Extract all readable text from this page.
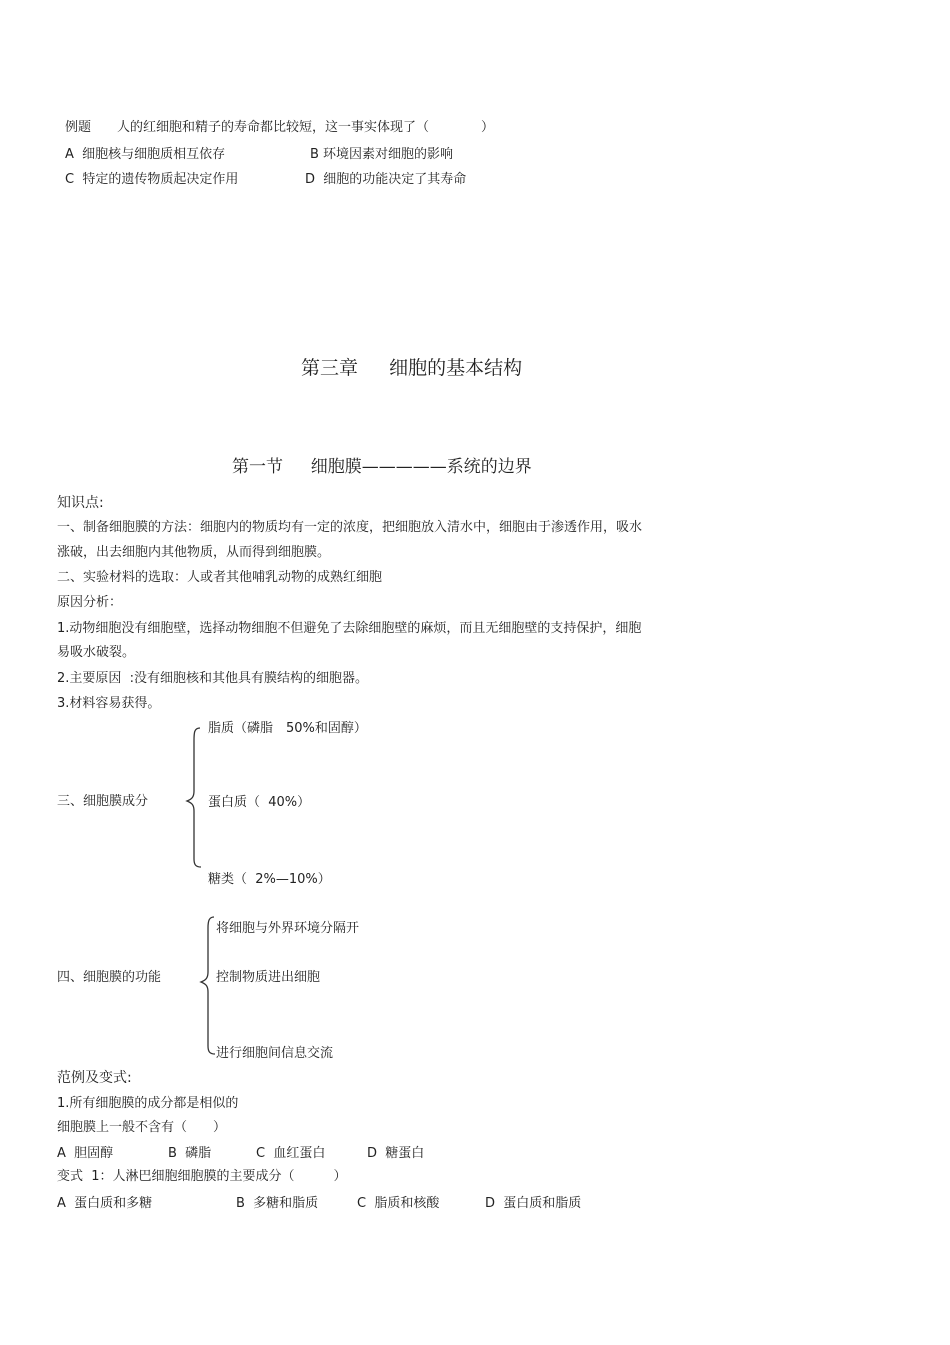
例题 人的红细胞和精子的寿命都比较短，这一事实体现了（　　　　）
A  细胞核与细胞质相互依存	B 环境因素对细胞的影响
C  特定的遗传物质起决定作用	D  细胞的功能决定了其寿命
第三章　  细胞的基本结构
第一节　  细胞膜—————系统的边界
知识点:
一、制备细胞膜的方法：细胞内的物质均有一定的浓度，把细胞放入清水中，细胞由于渗透作用，吸水
涨破，出去细胞内其他物质，从而得到细胞膜。
二、实验材料的选取：人或者其他哺乳动物的成熟红细胞
原因分析：
1.动物细胞没有细胞壁，选择动物细胞不但避免了去除细胞壁的麻烦，而且无细胞壁的支持保护，细胞
易吸水破裂。
2.主要原因  :没有细胞核和其他具有膜结构的细胞器。
3.材料容易获得。
三、细胞膜成分
脂质（磷脂　50%和固醇）
蛋白质（  40%）
糖类（  2%—10%）
四、细胞膜的功能
将细胞与外界环境分隔开
控制物质进出细胞
进行细胞间信息交流
范例及变式:
1.所有细胞膜的成分都是相似的
细胞膜上一般不含有（　　）
A  胆固醇	B  磷脂	C  血红蛋白	D  糖蛋白
变式  1：人淋巴细胞细胞膜的主要成分（　　　）
A  蛋白质和多糖	B  多糖和脂质	C  脂质和核酸	D  蛋白质和脂质
